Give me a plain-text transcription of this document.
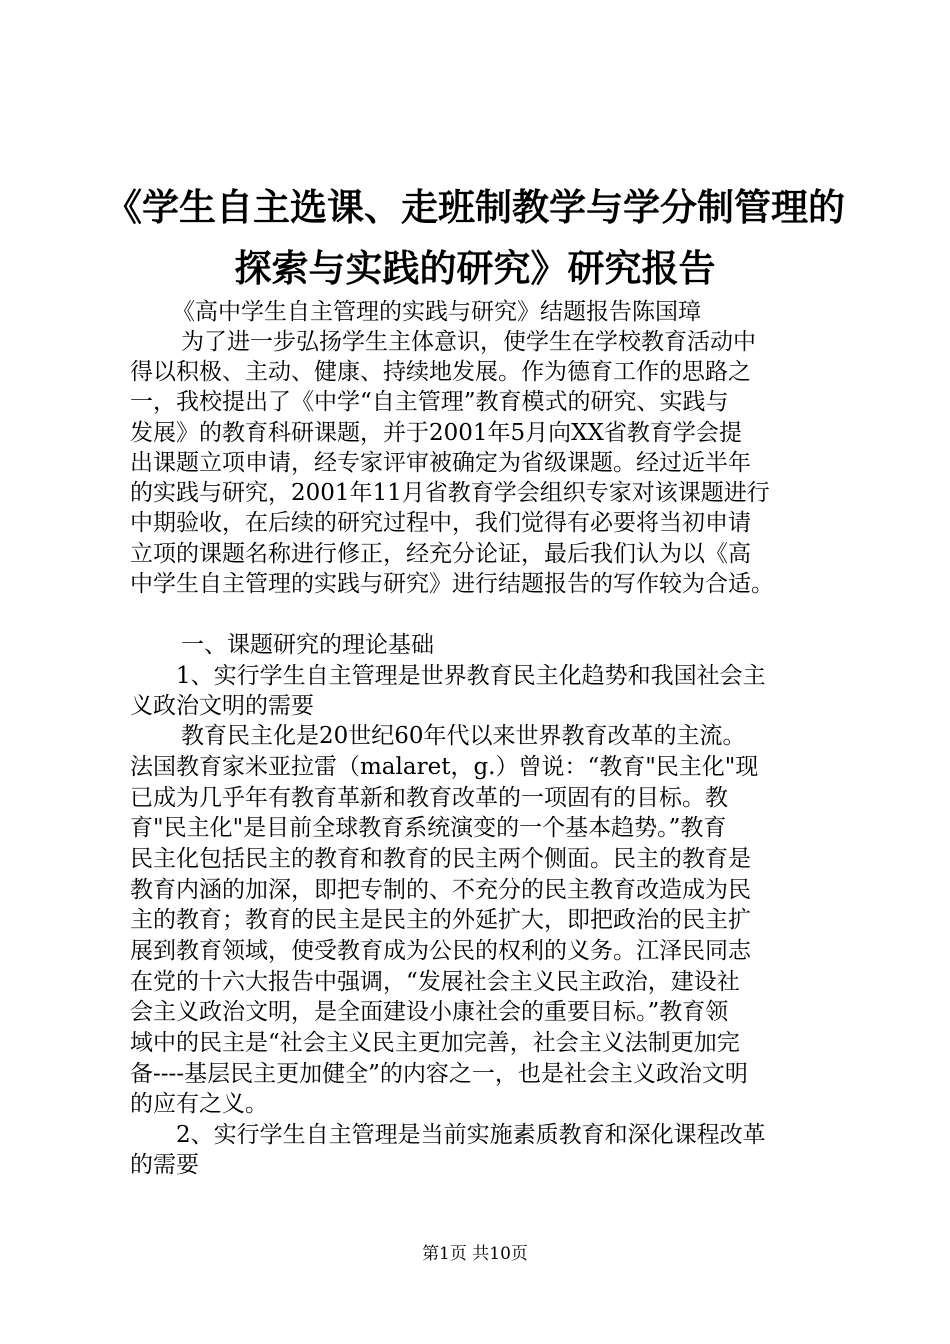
《学生自主选课、走班制教学与学分制管理的
探索与实践的研究》研究报告

《高中学生自主管理的实践与研究》结题报告陈国璋

为了进一步弘扬学生主体意识，使学生在学校教育活动中

得以积极、主动、健康、持续地发展。作为德育工作的思路之

一，我校提出了《中学“自主管理”教育模式的研究、实践与

发展》的教育科研课题，并于2001年5月向XX省教育学会提

出课题立项申请，经专家评审被确定为省级课题。经过近半年

的实践与研究，2001年11月省教育学会组织专家对该课题进行

中期验收，在后续的研究过程中，我们觉得有必要将当初申请

立项的课题名称进行修正，经充分论证，最后我们认为以《高

中学生自主管理的实践与研究》进行结题报告的写作较为合适。

一、课题研究的理论基础

1、实行学生自主管理是世界教育民主化趋势和我国社会主

义政治文明的需要

教育民主化是20世纪60年代以来世界教育改革的主流。

法国教育家米亚拉雷（malaret，g.）曾说：“教育"民主化"现

已成为几乎年有教育革新和教育改革的一项固有的目标。教

育"民主化"是目前全球教育系统演变的一个基本趋势。”教育

民主化包括民主的教育和教育的民主两个侧面。民主的教育是

教育内涵的加深，即把专制的、不充分的民主教育改造成为民

主的教育；教育的民主是民主的外延扩大，即把政治的民主扩

展到教育领域，使受教育成为公民的权利的义务。江泽民同志

在党的十六大报告中强调，“发展社会主义民主政治，建设社

会主义政治文明，是全面建设小康社会的重要目标。”教育领

域中的民主是“社会主义民主更加完善，社会主义法制更加完

备----基层民主更加健全”的内容之一，也是社会主义政治文明

的应有之义。

2、实行学生自主管理是当前实施素质教育和深化课程改革

的需要

第1页 共10页
